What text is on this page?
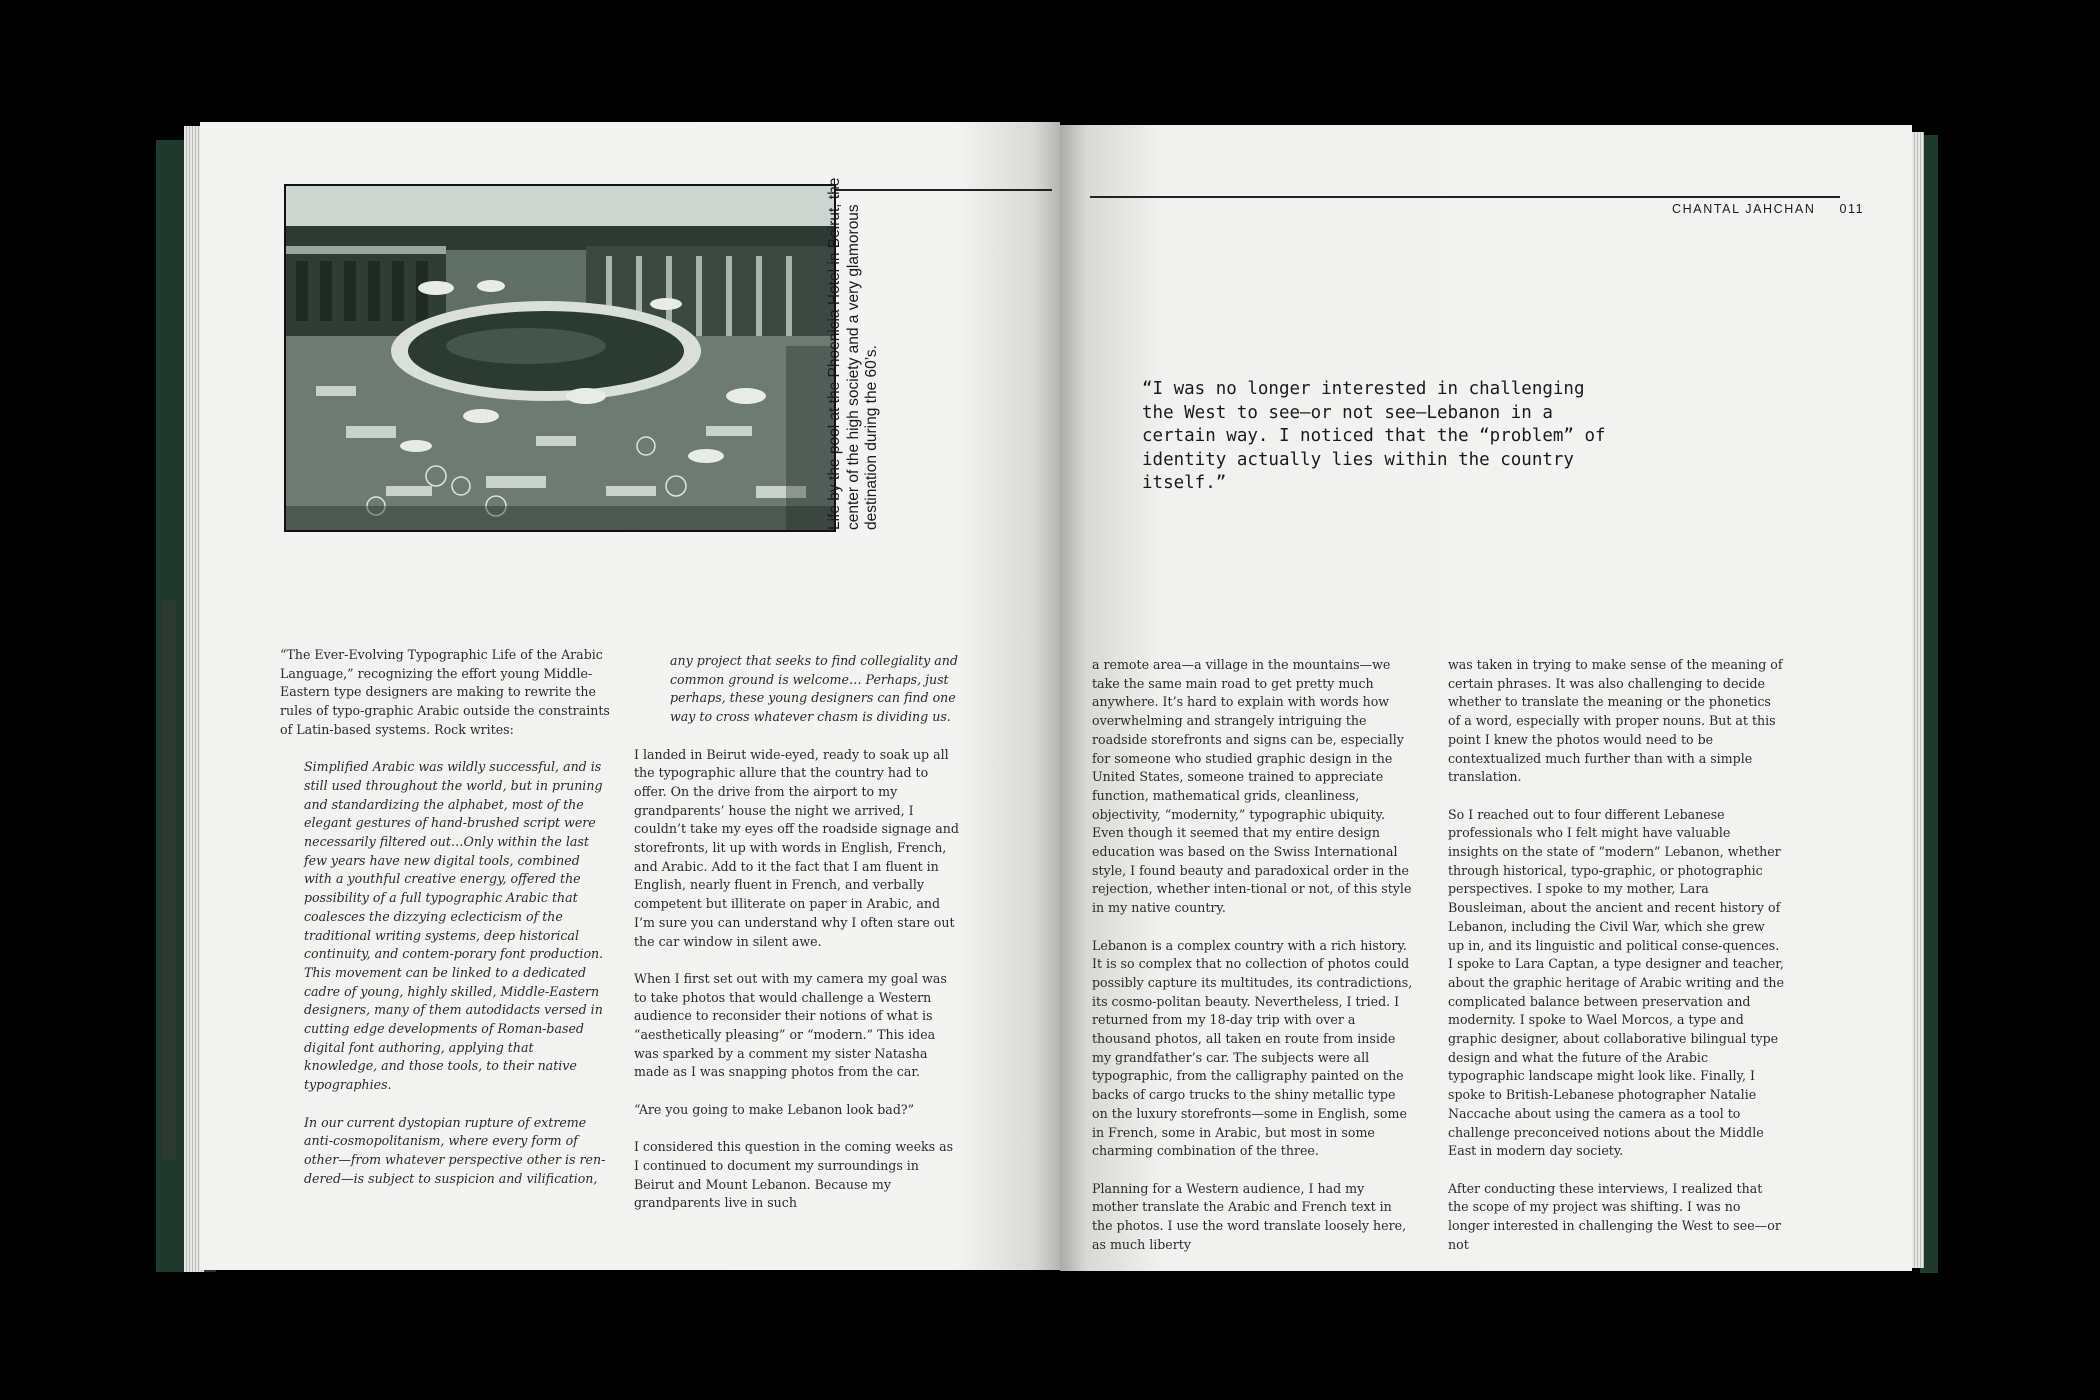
Life by the pool at the Phoenicia Hotel in Beirut, the center of the high society and a very glamorous destination during the 60’s.
CHANTAL JAHCHAN 011
“I was no longer interested in challenging the West to see—or not see—Lebanon in a certain way. I noticed that the “problem” of identity actually lies within the country itself.”

“The Ever-Evolving Typographic Life of the Arabic Language,” recognizing the effort young Middle-Eastern type designers are making to rewrite the rules of typo-graphic Arabic outside the constraints of Latin-based systems. Rock writes:

Simplified Arabic was wildly successful, and is still used throughout the world, but in pruning and standardizing the alphabet, most of the elegant gestures of hand-brushed script were necessarily filtered out…Only within the last few years have new digital tools, combined with a youthful creative energy, offered the possibility of a full typographic Arabic that coalesces the dizzying eclecticism of the traditional writing systems, deep historical continuity, and contem-porary font production. This movement can be linked to a dedicated cadre of young, highly skilled, Middle-Eastern designers, many of them autodidacts versed in cutting edge developments of Roman-based digital font authoring, applying that knowledge, and those tools, to their native typographies.

In our current dystopian rupture of extreme anti-cosmopolitanism, where every form of other—from whatever perspective other is ren-dered—is subject to suspicion and vilification,

any project that seeks to find collegiality and common ground is welcome… Perhaps, just perhaps, these young designers can find one way to cross whatever chasm is dividing us.

I landed in Beirut wide-eyed, ready to soak up all the typographic allure that the country had to offer. On the drive from the airport to my grandparents’ house the night we arrived, I couldn’t take my eyes off the roadside signage and storefronts, lit up with words in English, French, and Arabic. Add to it the fact that I am fluent in English, nearly fluent in French, and verbally competent but illiterate on paper in Arabic, and I’m sure you can understand why I often stare out the car window in silent awe.

When I first set out with my camera my goal was to take photos that would challenge a Western audience to reconsider their notions of what is “aesthetically pleasing” or “modern.” This idea was sparked by a comment my sister Natasha made as I was snapping photos from the car.

“Are you going to make Lebanon look bad?”

I considered this question in the coming weeks as I continued to document my surroundings in Beirut and Mount Lebanon. Because my grandparents live in such

a remote area—a village in the mountains—we take the same main road to get pretty much anywhere. It’s hard to explain with words how overwhelming and strangely intriguing the roadside storefronts and signs can be, especially for someone who studied graphic design in the United States, someone trained to appreciate function, mathematical grids, cleanliness, objectivity, “modernity,” typographic ubiquity. Even though it seemed that my entire design education was based on the Swiss International style, I found beauty and paradoxical order in the rejection, whether inten-tional or not, of this style in my native country.

Lebanon is a complex country with a rich history. It is so complex that no collection of photos could possibly capture its multitudes, its contradictions, its cosmo-politan beauty. Nevertheless, I tried. I returned from my 18-day trip with over a thousand photos, all taken en route from inside my grandfather’s car. The subjects were all typographic, from the calligraphy painted on the backs of cargo trucks to the shiny metallic type on the luxury storefronts—some in English, some in French, some in Arabic, but most in some charming combination of the three.

Planning for a Western audience, I had my mother translate the Arabic and French text in the photos. I use the word translate loosely here, as much liberty

was taken in trying to make sense of the meaning of certain phrases. It was also challenging to decide whether to translate the meaning or the phonetics of a word, especially with proper nouns. But at this point I knew the photos would need to be contextualized much further than with a simple translation.

So I reached out to four different Lebanese professionals who I felt might have valuable insights on the state of “modern” Lebanon, whether through historical, typo-graphic, or photographic perspectives. I spoke to my mother, Lara Bousleiman, about the ancient and recent history of Lebanon, including the Civil War, which she grew up in, and its linguistic and political conse-quences. I spoke to Lara Captan, a type designer and teacher, about the graphic heritage of Arabic writing and the complicated balance between preservation and modernity. I spoke to Wael Morcos, a type and graphic designer, about collaborative bilingual type design and what the future of the Arabic typographic landscape might look like. Finally, I spoke to British-Lebanese photographer Natalie Naccache about using the camera as a tool to challenge preconceived notions about the Middle East in modern day society.

After conducting these interviews, I realized that the scope of my project was shifting. I was no longer interested in challenging the West to see—or not
